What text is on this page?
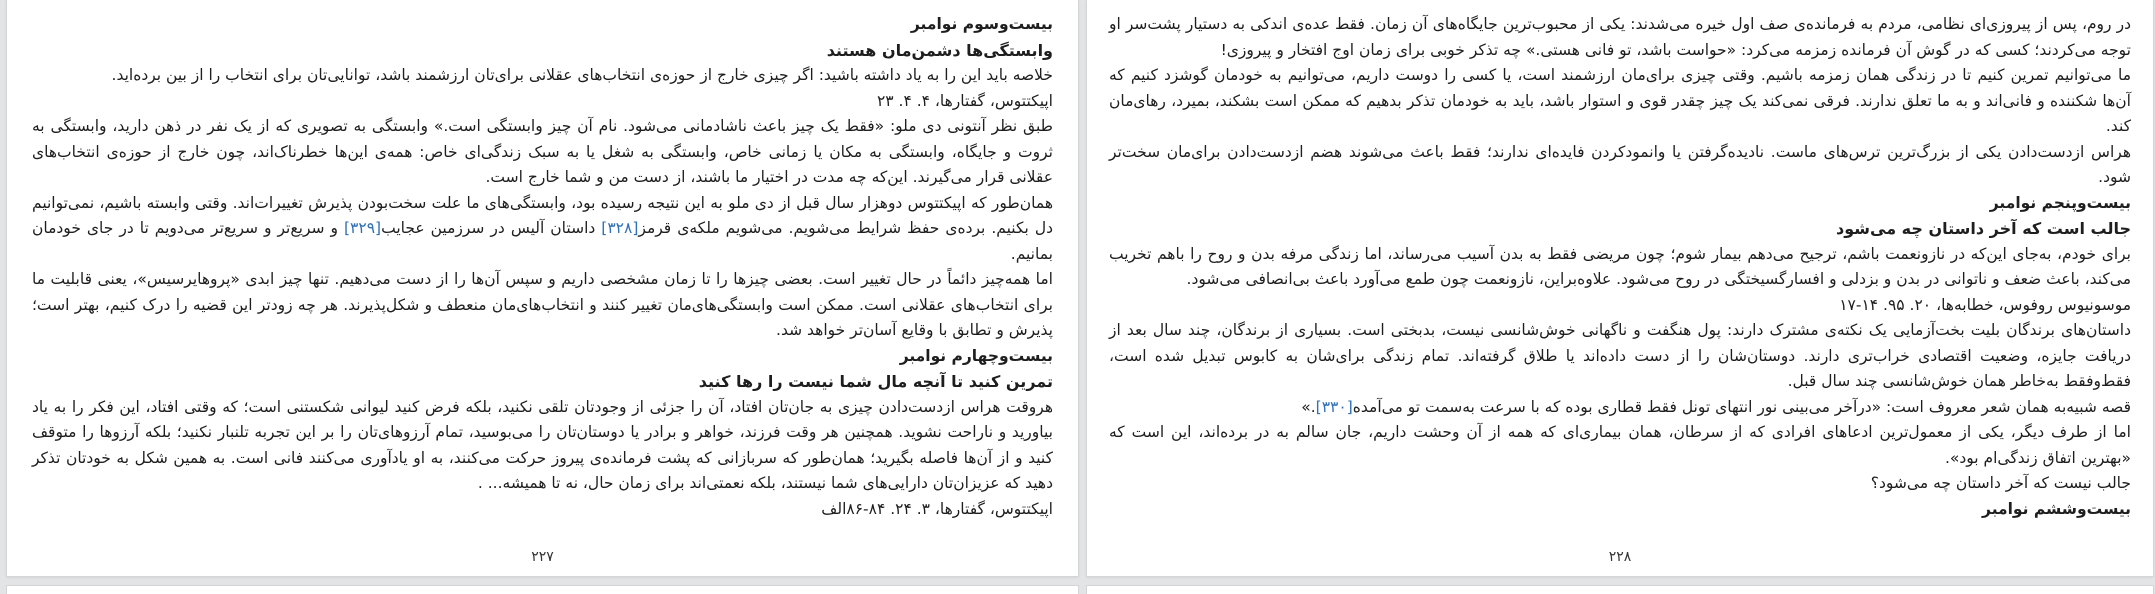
بیست‌وسوم نوامبر

وابستگی‌ها دشمن‌مان هستند

خلاصه باید این را به یاد داشته باشید: اگر چیزی خارج از حوزه‌ی انتخاب‌های عقلانی برای‌تان ارزشمند باشد، توانایی‌تان برای انتخاب را از بین برده‌اید.

اپیکتتوس، گفتارها، ۴. ۴. ۲۳

طبق نظر آنتونی دی ملو: «فقط یک چیز باعث ناشادمانی می‌شود. نام آن چیز وابستگی است.» وابستگی به تصویری که از یک نفر در ذهن دارید، وابستگی به ثروت و جایگاه، وابستگی به مکان یا زمانی خاص، وابستگی به شغل یا به سبک زندگی‌ای خاص: همه‌ی این‌ها خطرناک‌اند، چون خارج از حوزه‌ی انتخاب‌های عقلانی قرار می‌گیرند. این‌که چه مدت در اختیار ما باشند، از دست من و شما خارج است.

همان‌طور که اپیکتتوس دوهزار سال قبل از دی ملو به این نتیجه رسیده بود، وابستگی‌های ما علت سخت‌بودن پذیرش تغییرات‌اند. وقتی وابسته باشیم، نمی‌توانیم دل بکنیم. برده‌ی حفظ شرایط می‌شویم. می‌شویم ملکه‌ی قرمز[۳۲۸] داستان آلیس در سرزمین عجایب[۳۲۹] و سریع‌تر و سریع‌تر می‌دویم تا در جای خودمان بمانیم.

اما همه‌چیز دائماً در حال تغییر است. بعضی چیزها را تا زمان مشخصی داریم و سپس آن‌ها را از دست می‌دهیم. تنها چیز ابدی «پروهایرسیس»، یعنی قابلیت ما برای انتخاب‌های عقلانی است. ممکن است وابستگی‌های‌مان تغییر کنند و انتخاب‌های‌مان منعطف و شکل‌پذیرند. هر چه زودتر این قضیه را درک کنیم، بهتر است؛ پذیرش و تطابق با وقایع آسان‌تر خواهد شد.

بیست‌وچهارم نوامبر

تمرین کنید تا آنچه مال شما نیست را رها کنید

هروقت هراس ازدست‌دادن چیزی به جان‌تان افتاد، آن را جزئی از وجودتان تلقی نکنید، بلکه فرض کنید لیوانی شکستنی است؛ که وقتی افتاد، این فکر را به یاد بیاورید و ناراحت نشوید. همچنین هر وقت فرزند، خواهر و برادر یا دوستان‌تان را می‌بوسید، تمام آرزوهای‌تان را بر این تجربه تلنبار نکنید؛ بلکه آرزوها را متوقف کنید و از آن‌ها فاصله بگیرید؛ همان‌طور که سربازانی که پشت فرمانده‌ی پیروز حرکت می‌کنند، به او یادآوری می‌کنند فانی است. به همین شکل به خودتان تذکر دهید که عزیزان‌تان دارایی‌های شما نیستند، بلکه نعمتی‌اند برای زمان حال، نه تا همیشه... .

اپیکتتوس، گفتارها، ۳. ۲۴. ۸۴-۸۶الف

۲۲۷

در روم، پس از پیروزی‌ای نظامی، مردم به فرمانده‌ی صف اول خیره می‌شدند: یکی از محبوب‌ترین جایگاه‌های آن زمان. فقط عده‌ی اندکی به دستیار پشت‌سر او توجه می‌کردند؛ کسی که در گوش آن فرمانده زمزمه می‌کرد: «حواست باشد، تو فانی هستی.» چه تذکر خوبی برای زمان اوج افتخار و پیروزی!

ما می‌توانیم تمرین کنیم تا در زندگی همان زمزمه باشیم. وقتی چیزی برای‌مان ارزشمند است، یا کسی را دوست داریم، می‌توانیم به خودمان گوشزد کنیم که آن‌ها شکننده و فانی‌اند و به ما تعلق ندارند. فرقی نمی‌کند یک چیز چقدر قوی و استوار باشد، باید به خودمان تذکر بدهیم که ممکن است بشکند، بمیرد، رهای‌مان کند.

هراس ازدست‌دادن یکی از بزرگ‌ترین ترس‌های ماست. نادیده‌گرفتن یا وانمودکردن فایده‌ای ندارند؛ فقط باعث می‌شوند هضم ازدست‌دادن برای‌مان سخت‌تر شود.

بیست‌وپنجم نوامبر

جالب است که آخر داستان چه می‌شود

برای خودم، به‌جای این‌که در نازونعمت باشم، ترجیح می‌دهم بیمار شوم؛ چون مریضی فقط به بدن آسیب می‌رساند، اما زندگی مرفه بدن و روح را باهم تخریب می‌کند، باعث ضعف و ناتوانی در بدن و بزدلی و افسارگسیختگی در روح می‌شود. علاوه‌براین، نازونعمت چون طمع می‌آورد باعث بی‌انصافی می‌شود.

موسونیوس روفوس، خطابه‌ها، ۲۰. ۹۵. ۱۴-۱۷

داستان‌های برندگان بلیت بخت‌آزمایی یک نکته‌ی مشترک دارند: پول هنگفت و ناگهانی خوش‌شانسی نیست، بدبختی است. بسیاری از برندگان، چند سال بعد از دریافت جایزه، وضعیت اقتصادی خراب‌تری دارند. دوستان‌شان را از دست داده‌اند یا طلاق گرفته‌اند. تمام زندگی برای‌شان به کابوس تبدیل شده است، فقط‌وفقط به‌خاطر همان خوش‌شانسی چند سال قبل.

قصه شبیه‌به همان شعر معروف است: «درآخر می‌بینی نور انتهای تونل فقط قطاری بوده که با سرعت به‌سمت تو می‌آمده[۳۳۰].»

اما از طرف دیگر، یکی از معمول‌ترین ادعاهای افرادی که از سرطان، همان بیماری‌ای که همه از آن وحشت داریم، جان سالم به در برده‌اند، این است که «بهترین اتفاق زندگی‌ام بود».

جالب نیست که آخر داستان چه می‌شود؟

بیست‌وششم نوامبر

۲۲۸
